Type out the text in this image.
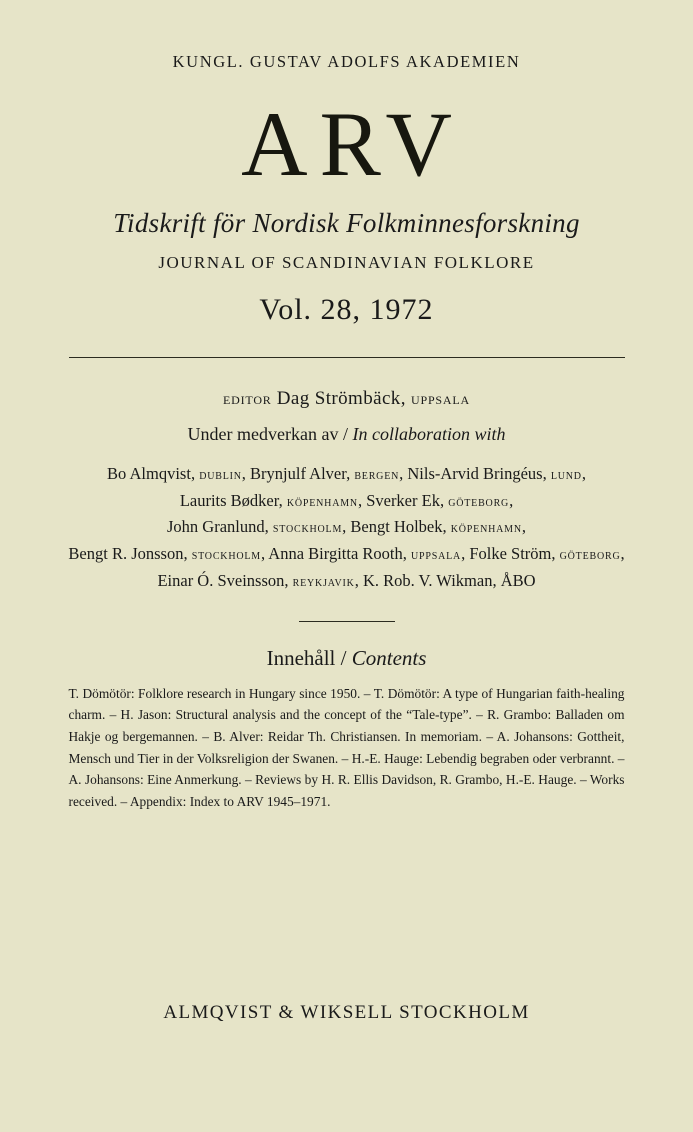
KUNGL. GUSTAV ADOLFS AKADEMIEN
ARV
Tidskrift för Nordisk Folkminnesforskning
JOURNAL OF SCANDINAVIAN FOLKLORE
Vol. 28, 1972
editor Dag Strömbäck, uppsala
Under medverkan av / In collaboration with
Bo Almqvist, dublin, Brynjulf Alver, bergen, Nils-Arvid Bringéus, lund,
Laurits Bødker, köpenhamn, Sverker Ek, göteborg,
John Granlund, stockholm, Bengt Holbek, köpenhamn,
Bengt R. Jonsson, stockholm, Anna Birgitta Rooth, uppsala, Folke Ström, göteborg,
Einar Ó. Sveinsson, reykjavik, K. Rob. V. Wikman, ÅBO
Innehåll / Contents
T. Dömötör: Folklore research in Hungary since 1950. – T. Dömötör: A type of Hungarian faith-healing charm. – H. Jason: Structural analysis and the concept of the “Tale-type”. – R. Grambo: Balladen om Hakje og bergemannen. – B. Alver: Reidar Th. Christiansen. In memoriam. – A. Johansons: Gottheit, Mensch und Tier in der Volksreligion der Swanen. – H.-E. Hauge: Lebendig begraben oder verbrannt. – A. Johansons: Eine Anmerkung. – Reviews by H. R. Ellis Davidson, R. Grambo, H.-E. Hauge. – Works received. – Appendix: Index to ARV 1945–1971.
ALMQVIST & WIKSELL STOCKHOLM
